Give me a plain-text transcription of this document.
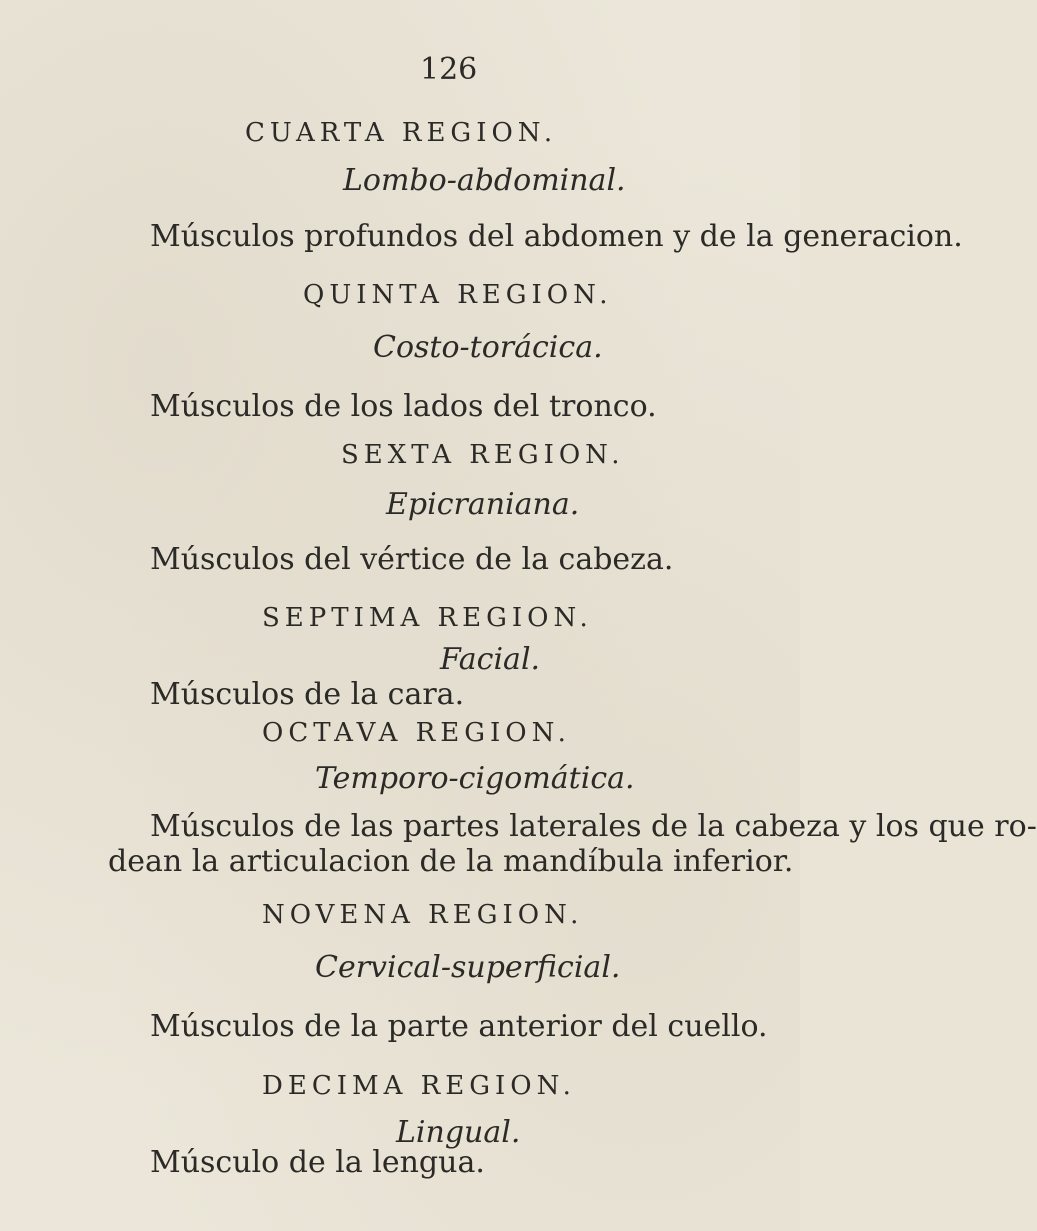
126
CUARTA REGION.
Lombo-abdominal.
Músculos profundos del abdomen y de la generacion.
QUINTA REGION.
Costo-torácica.
Músculos de los lados del tronco.
SEXTA REGION.
Epicraniana.
Músculos del vértice de la cabeza.
SEPTIMA REGION.
Facial.
Músculos de la cara.
OCTAVA REGION.
Temporo-cigomática.
Músculos de las partes laterales de la cabeza y los que ro-
dean la articulacion de la mandíbula inferior.
NOVENA REGION.
Cervical-superficial.
Músculos de la parte anterior del cuello.
DECIMA REGION.
Lingual.
Músculo de la lengua.
